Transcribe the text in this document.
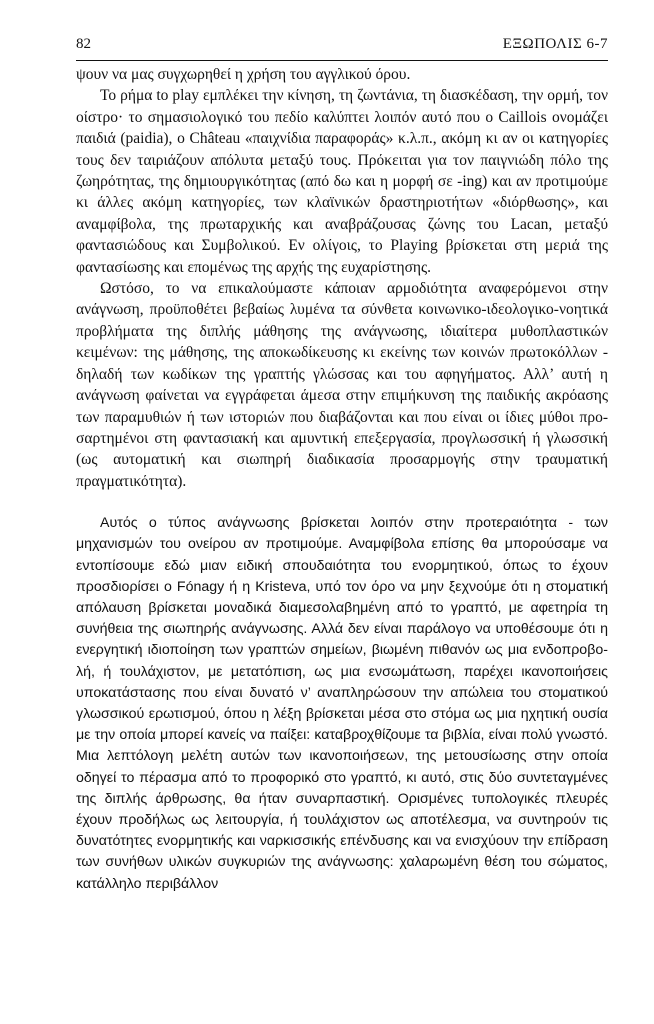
82	ΕΞΩΠΟΛΙΣ 6-7

ψουν να μας συγχωρηθεί η χρήση του αγγλικού όρου.

Το ρήμα to play εμπλέκει την κίνηση, τη ζωντάνια, τη διασκέδαση, την ορμή, τον οίστρο· το σημασιολογικό του πεδίο καλύπτει λοιπόν αυτό που ο Caillois ονομάζει παιδιά (paidia), ο Château «παιχνίδια παραφοράς» κ.λ.π., ακόμη κι αν οι κατηγορίες τους δεν ταιριάζουν απόλυτα μεταξύ τους. Πρόκειται για τον παιγνιώδη πόλο της ζωηρότητας, της δημιουργικότητας (από δω και η μορφή σε -ing) και αν προτιμούμε κι άλλες ακόμη κατηγορίες, των κλαϊνικών δραστηριοτήτων «διόρθωσης», και αναμφίβολα, της πρωταρχικής και αναβράζουσας ζώνης του Lacan, μεταξύ φαντασιώδους και Συμβολικού. Εν ολίγοις, το Playing βρίσκεται στη μεριά της φαντασίωσης και επομένως της αρχής της ευχαρίστησης.

Ωστόσο, το να επικαλούμαστε κάποιαν αρμοδιότητα αναφερόμενοι στην ανάγνωση, προϋποθέτει βεβαίως λυμένα τα σύνθετα κοινωνικο-ιδεολογικο-νοητικά προβλήματα της διπλής μάθησης της ανάγνωσης, ιδιαίτερα μυθοπλαστικών κειμένων: της μάθησης, της αποκωδίκευσης κι εκείνης των κοινών πρωτοκόλλων - δηλαδή των κωδίκων της γραπτής γλώσσας και του αφηγήματος. Αλλ’ αυτή η ανάγνωση φαίνεται να εγγράφεται άμεσα στην επιμήκυνση της παιδικής ακρόασης των παραμυθιών ή των ιστοριών που διαβάζονται και που είναι οι ίδιες μύθοι προσαρτημένοι στη φαντασιακή και αμυντική επεξεργασία, προγλωσσική ή γλωσσική (ως αυτοματική και σιωπηρή διαδικασία προσαρμογής στην τραυματική πραγματικότητα).

Αυτός ο τύπος ανάγνωσης βρίσκεται λοιπόν στην προτεραιότητα - των μηχανισμών του ονείρου αν προτιμούμε. Αναμφίβολα επίσης θα μπορούσαμε να εντοπίσουμε εδώ μιαν ειδική σπουδαιότητα του ενορμητικού, όπως το έχουν προσδιορίσει ο Fónagy ή η Kristeva, υπό τον όρο να μην ξεχνούμε ότι η στοματική απόλαυση βρίσκεται μοναδικά διαμεσολαβημένη από το γραπτό, με αφετηρία τη συνήθεια της σιωπηρής ανάγνωσης. Αλλά δεν είναι παράλογο να υποθέσουμε ότι η ενεργητική ιδιοποίηση των γραπτών σημείων, βιωμένη πιθανόν ως μια ενδοπροβολή, ή τουλάχιστον, με μετατόπιση, ως μια ενσωμάτωση, παρέχει ικανοποιήσεις υποκατάστασης που είναι δυνατό ν’ αναπληρώσουν την απώλεια του στοματικού γλωσσικού ερωτισμού, όπου η λέξη βρίσκεται μέσα στο στόμα ως μια ηχητική ουσία με την οποία μπορεί κανείς να παίξει: καταβροχθίζουμε τα βιβλία, είναι πολύ γνωστό. Μια λεπτόλογη μελέτη αυτών των ικανοποιήσεων, της μετουσίωσης στην οποία οδηγεί το πέρασμα από το προφορικό στο γραπτό, κι αυτό, στις δύο συντεταγμένες της διπλής άρθρωσης, θα ήταν συναρπαστική. Ορισμένες τυπολογικές πλευρές έχουν προδήλως ως λειτουργία, ή τουλάχιστον ως αποτέλεσμα, να συντηρούν τις δυνατότητες ενορμητικής και ναρκισσικής επένδυσης και να ενισχύουν την επίδραση των συνήθων υλικών συγκυριών της ανάγνωσης: χαλαρωμένη θέση του σώματος, κατάλληλο περιβάλλον
